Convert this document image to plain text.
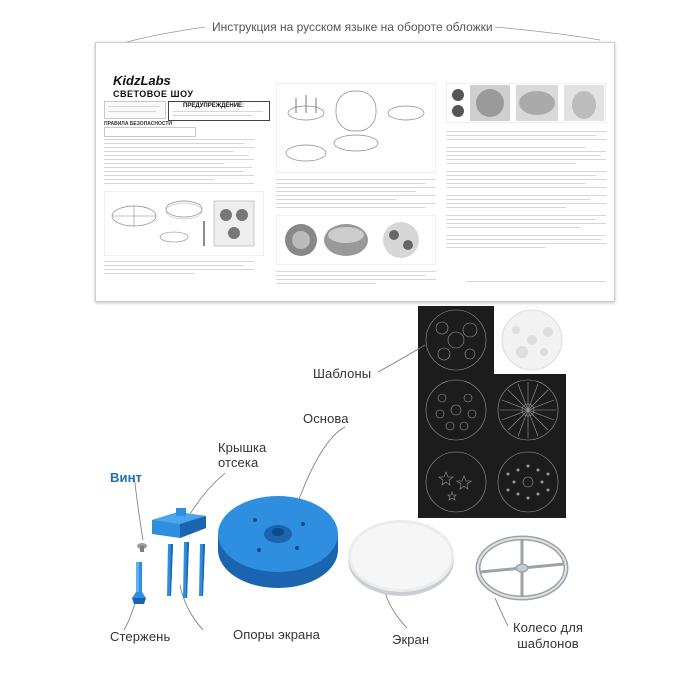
Инструкция на русском языке на обороте обложки
KidzLabs
СВЕТОВОЕ ШОУ
ПРЕДУПРЕЖДЕНИЕ:
ПРАВИЛА БЕЗОПАСНОСТИ
Шаблоны
Основа
Крышка
отсека
Винт
Стержень	Опоры экрана	Экран
Колесо для
шаблонов
